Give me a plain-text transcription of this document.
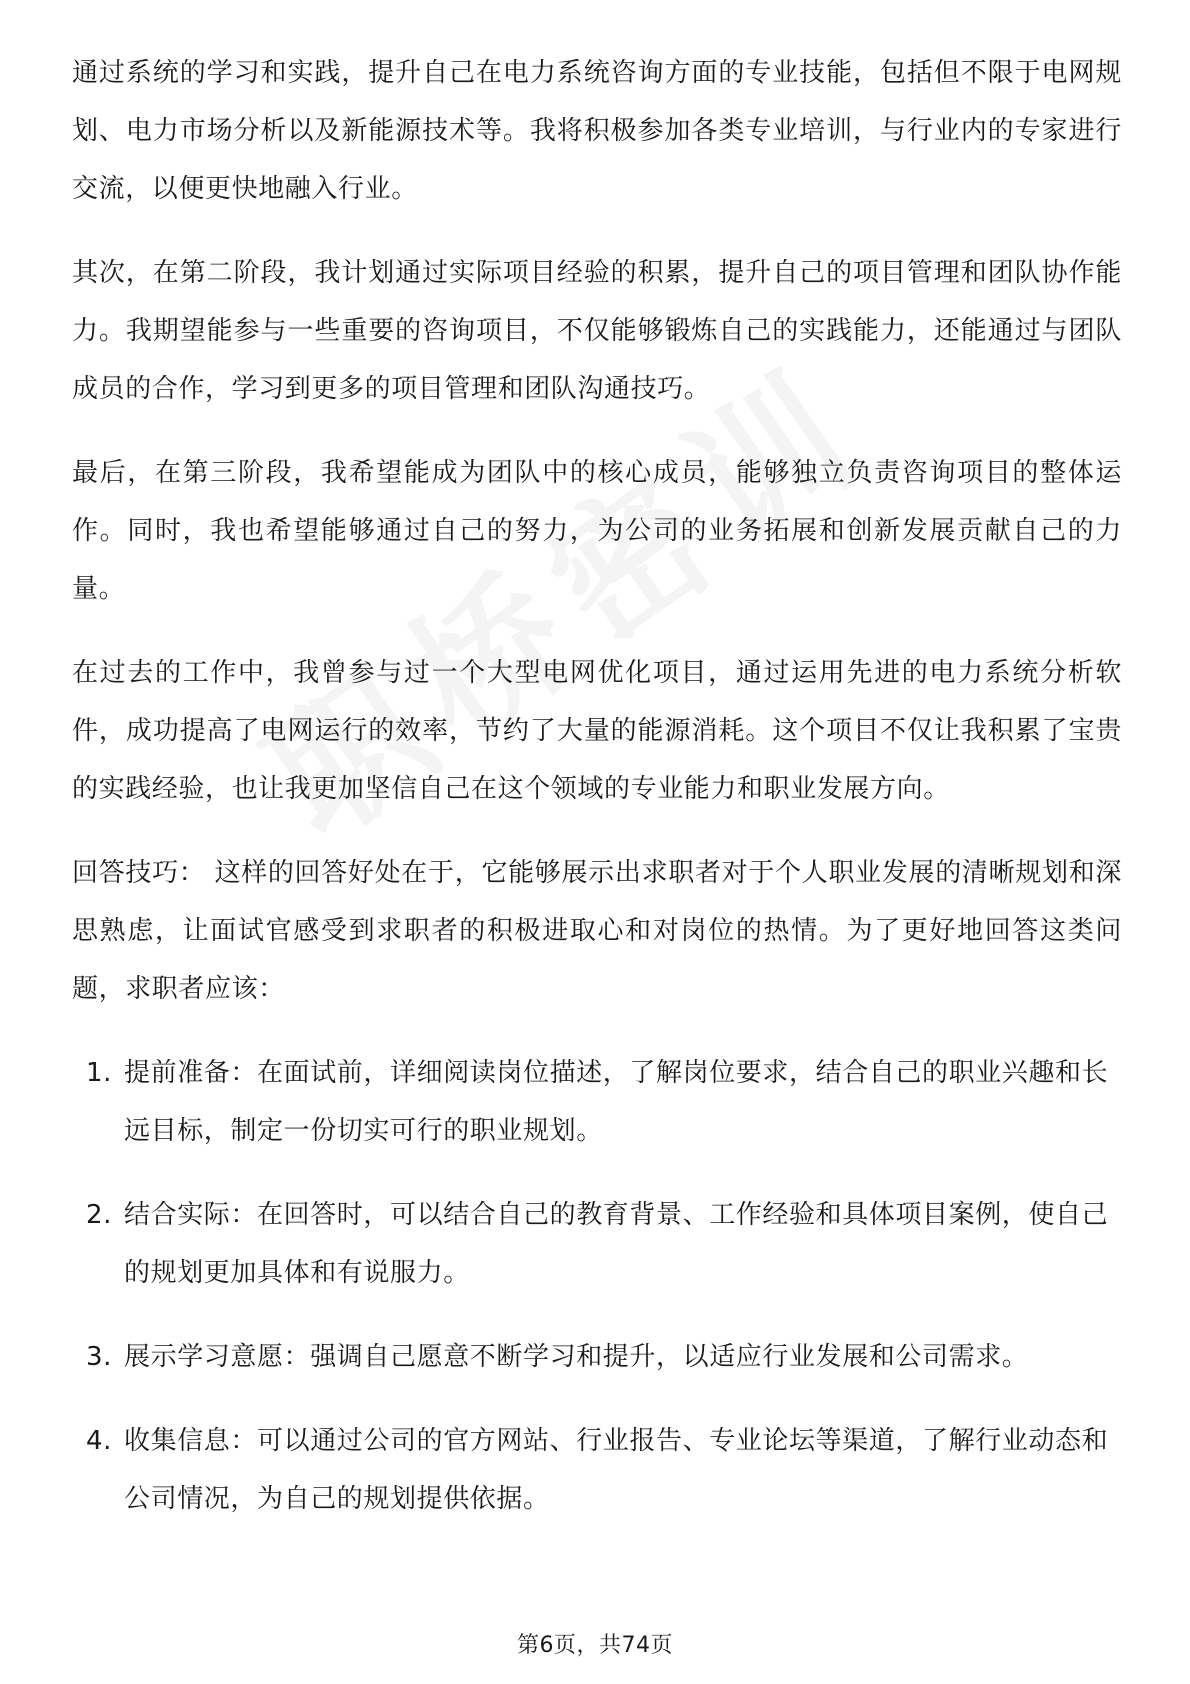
通过系统的学习和实践，提升自己在电力系统咨询方面的专业技能，包括但不限于电网规划、电力市场分析以及新能源技术等。我将积极参加各类专业培训，与行业内的专家进行交流，以便更快地融入行业。

其次，在第二阶段，我计划通过实际项目经验的积累，提升自己的项目管理和团队协作能力。我期望能参与一些重要的咨询项目，不仅能够锻炼自己的实践能力，还能通过与团队成员的合作，学习到更多的项目管理和团队沟通技巧。

最后，在第三阶段，我希望能成为团队中的核心成员，能够独立负责咨询项目的整体运作。同时，我也希望能够通过自己的努力，为公司的业务拓展和创新发展贡献自己的力量。

在过去的工作中，我曾参与过一个大型电网优化项目，通过运用先进的电力系统分析软件，成功提高了电网运行的效率，节约了大量的能源消耗。这个项目不仅让我积累了宝贵的实践经验，也让我更加坚信自己在这个领域的专业能力和职业发展方向。

回答技巧： 这样的回答好处在于，它能够展示出求职者对于个人职业发展的清晰规划和深思熟虑，让面试官感受到求职者的积极进取心和对岗位的热情。为了更好地回答这类问题，求职者应该：

1. 提前准备：在面试前，详细阅读岗位描述，了解岗位要求，结合自己的职业兴趣和长远目标，制定一份切实可行的职业规划。
2. 结合实际：在回答时，可以结合自己的教育背景、工作经验和具体项目案例，使自己的规划更加具体和有说服力。
3. 展示学习意愿：强调自己愿意不断学习和提升，以适应行业发展和公司需求。
4. 收集信息：可以通过公司的官方网站、行业报告、专业论坛等渠道，了解行业动态和公司情况，为自己的规划提供依据。
第6页，共74页
